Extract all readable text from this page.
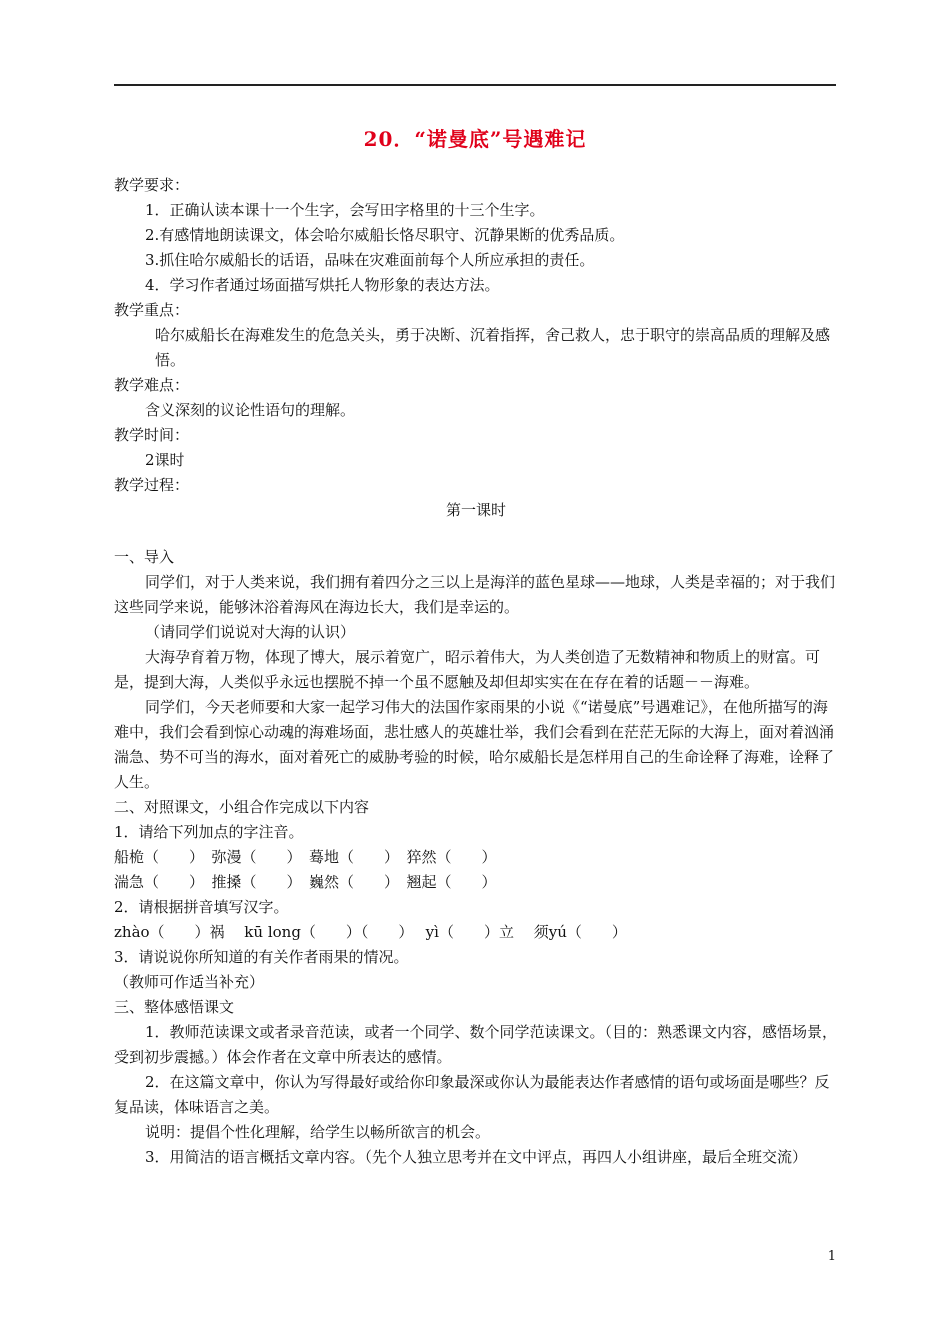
20．“诺曼底”号遇难记
教学要求：
1．正确认读本课十一个生字，会写田字格里的十三个生字。
2.有感情地朗读课文，体会哈尔威船长恪尽职守、沉静果断的优秀品质。
3.抓住哈尔威船长的话语，品味在灾难面前每个人所应承担的责任。
4．学习作者通过场面描写烘托人物形象的表达方法。
教学重点：
哈尔威船长在海难发生的危急关头，勇于决断、沉着指挥，舍己救人，忠于职守的崇高品质的理解及感悟。
教学难点：
含义深刻的议论性语句的理解。
教学时间：
2课时
教学过程：
第一课时
一、导入
同学们，对于人类来说，我们拥有着四分之三以上是海洋的蓝色星球——地球，人类是幸福的；对于我们这些同学来说，能够沐浴着海风在海边长大，我们是幸运的。
（请同学们说说对大海的认识）
大海孕育着万物，体现了博大，展示着宽广，昭示着伟大，为人类创造了无数精神和物质上的财富。可是，提到大海，人类似乎永远也摆脱不掉一个虽不愿触及却但却实实在在存在着的话题－－海难。
同学们，今天老师要和大家一起学习伟大的法国作家雨果的小说《“诺曼底”号遇难记》，在他所描写的海难中，我们会看到惊心动魂的海难场面，悲壮感人的英雄壮举，我们会看到在茫茫无际的大海上，面对着汹涌湍急、势不可当的海水，面对着死亡的威胁考验的时候，哈尔威船长是怎样用自己的生命诠释了海难，诠释了人生。
二、对照课文，小组合作完成以下内容
1．请给下列加点的字注音。
船桅（　　）　弥漫（　　）　蓦地（　　）　猝然（　　）
湍急（　　）　推搡（　　）　巍然（　　）　翘起（　　）
2．请根据拼音填写汉字。
zhào（　　）祸　 kū long（　　）（　　）　 yì（　　）立　 须yú（　　）
3．请说说你所知道的有关作者雨果的情况。
（教师可作适当补充）
三、整体感悟课文
1．教师范读课文或者录音范读，或者一个同学、数个同学范读课文。（目的：熟悉课文内容，感悟场景，受到初步震撼。）体会作者在文章中所表达的感情。
2．在这篇文章中，你认为写得最好或给你印象最深或你认为最能表达作者感情的语句或场面是哪些？反复品读，体味语言之美。
说明：提倡个性化理解，给学生以畅所欲言的机会。
3．用简洁的语言概括文章内容。（先个人独立思考并在文中评点，再四人小组讲座，最后全班交流）
1
